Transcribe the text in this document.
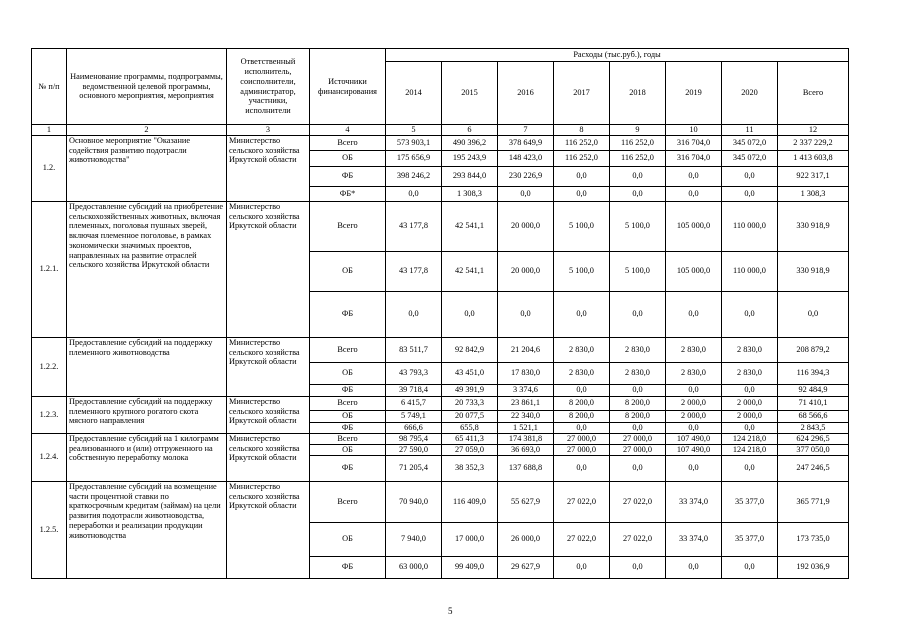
№ п/п	Наименование программы, подпрограммы, ведомственной целевой программы, основного мероприятия, мероприятия	Ответственный исполнитель, соисполнители, администратор, участники, исполнители	Источники финансирования	Расходы (тыс.руб.), годы							
				2014	2015	2016	2017	2018	2019	2020	Всего
1	2	3	4	5	6	7	8	9	10	11	12
1.2.	Основное мероприятие "Оказание содействия развитию подотрасли животноводства"	Министерство сельского хозяйства Иркутской области	Всего	573 903,1	490 396,2	378 649,9	116 252,0	116 252,0	316 704,0	345 072,0	2 337 229,2
			ОБ	175 656,9	195 243,9	148 423,0	116 252,0	116 252,0	316 704,0	345 072,0	1 413 603,8
			ФБ	398 246,2	293 844,0	230 226,9	0,0	0,0	0,0	0,0	922 317,1
			ФБ*	0,0	1 308,3	0,0	0,0	0,0	0,0	0,0	1 308,3
1.2.1.	Предоставление субсидий на приобретение сельскохозяйственных животных, включая племенных, поголовья пушных зверей, включая племенное поголовье, в рамках экономически значимых проектов, направленных на развитие отраслей сельского хозяйства Иркутской области	Министерство сельского хозяйства Иркутской области	Всего	43 177,8	42 541,1	20 000,0	5 100,0	5 100,0	105 000,0	110 000,0	330 918,9
			ОБ	43 177,8	42 541,1	20 000,0	5 100,0	5 100,0	105 000,0	110 000,0	330 918,9
			ФБ	0,0	0,0	0,0	0,0	0,0	0,0	0,0	0,0
1.2.2.	Предоставление субсидий на поддержку племенного животноводства	Министерство сельского хозяйства Иркутской области	Всего	83 511,7	92 842,9	21 204,6	2 830,0	2 830,0	2 830,0	2 830,0	208 879,2
			ОБ	43 793,3	43 451,0	17 830,0	2 830,0	2 830,0	2 830,0	2 830,0	116 394,3
			ФБ	39 718,4	49 391,9	3 374,6	0,0	0,0	0,0	0,0	92 484,9
1.2.3.	Предоставление субсидий на поддержку племенного крупного рогатого скота мясного направления	Министерство сельского хозяйства Иркутской области	Всего	6 415,7	20 733,3	23 861,1	8 200,0	8 200,0	2 000,0	2 000,0	71 410,1
			ОБ	5 749,1	20 077,5	22 340,0	8 200,0	8 200,0	2 000,0	2 000,0	68 566,6
			ФБ	666,6	655,8	1 521,1	0,0	0,0	0,0	0,0	2 843,5
1.2.4.	Предоставление субсидий на 1 килограмм реализованного и (или) отгруженного на собственную переработку молока	Министерство сельского хозяйства Иркутской области	Всего	98 795,4	65 411,3	174 381,8	27 000,0	27 000,0	107 490,0	124 218,0	624 296,5
			ОБ	27 590,0	27 059,0	36 693,0	27 000,0	27 000,0	107 490,0	124 218,0	377 050,0
			ФБ	71 205,4	38 352,3	137 688,8	0,0	0,0	0,0	0,0	247 246,5
1.2.5.	Предоставление субсидий на возмещение части процентной ставки по краткосрочным кредитам (займам) на цели развития подотрасли животноводства, переработки и реализации продукции животноводства	Министерство сельского хозяйства Иркутской области	Всего	70 940,0	116 409,0	55 627,9	27 022,0	27 022,0	33 374,0	35 377,0	365 771,9
			ОБ	7 940,0	17 000,0	26 000,0	27 022,0	27 022,0	33 374,0	35 377,0	173 735,0
			ФБ	63 000,0	99 409,0	29 627,9	0,0	0,0	0,0	0,0	192 036,9
5
